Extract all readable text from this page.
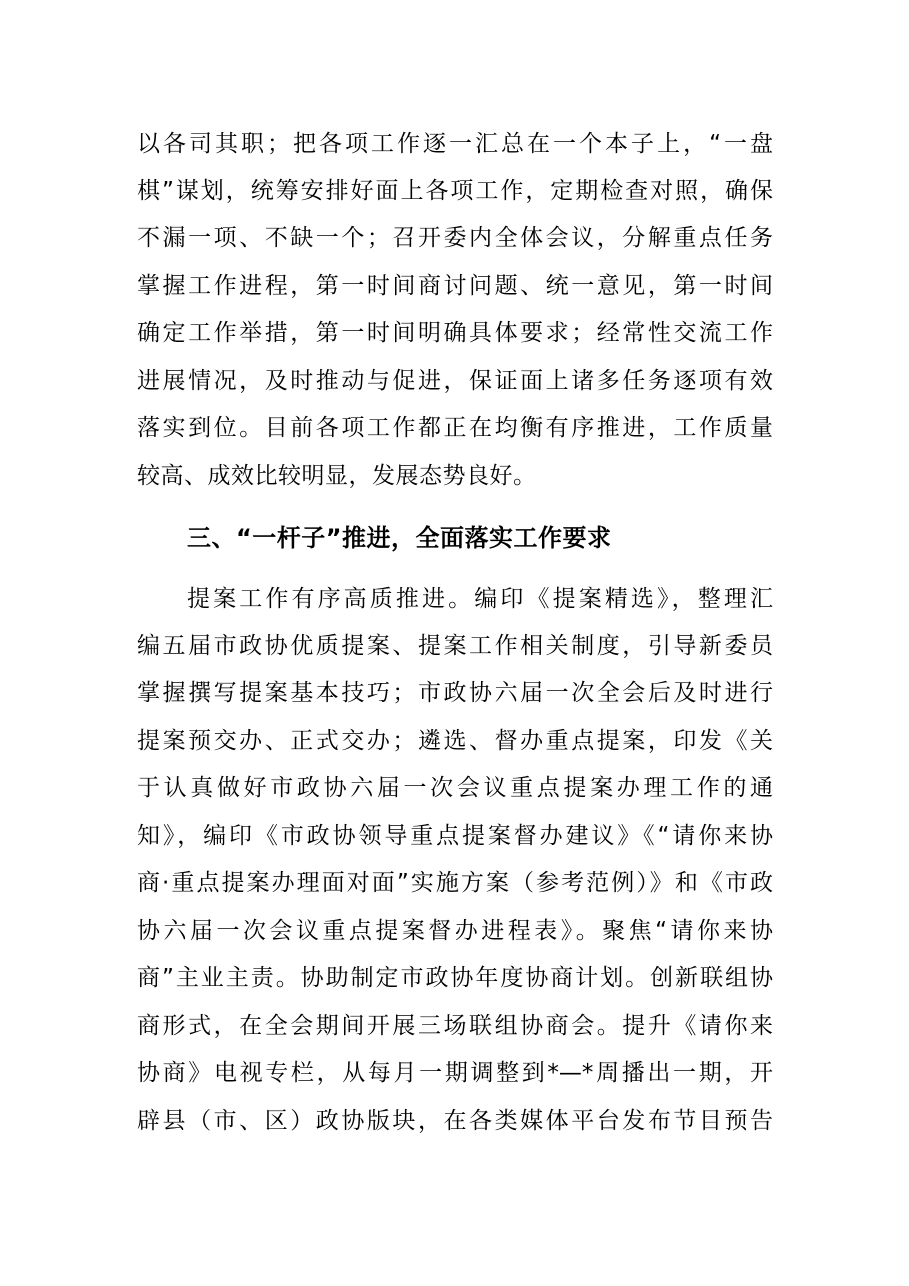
以各司其职；把各项工作逐一汇总在一个本子上，“一盘
棋”谋划，统筹安排好面上各项工作，定期检查对照，确保
不漏一项、不缺一个；召开委内全体会议，分解重点任务
掌握工作进程，第一时间商讨问题、统一意见，第一时间
确定工作举措，第一时间明确具体要求；经常性交流工作
进展情况，及时推动与促进，保证面上诸多任务逐项有效
落实到位。目前各项工作都正在均衡有序推进，工作质量
较高、成效比较明显，发展态势良好。
三、“一杆子”推进，全面落实工作要求
提案工作有序高质推进。编印《提案精选》，整理汇
编五届市政协优质提案、提案工作相关制度，引导新委员
掌握撰写提案基本技巧；市政协六届一次全会后及时进行
提案预交办、正式交办；遴选、督办重点提案，印发《关
于认真做好市政协六届一次会议重点提案办理工作的通
知》，编印《市政协领导重点提案督办建议》《“请你来协
商·重点提案办理面对面”实施方案（参考范例）》和《市政
协六届一次会议重点提案督办进程表》。聚焦“请你来协
商”主业主责。协助制定市政协年度协商计划。创新联组协
商形式，在全会期间开展三场联组协商会。提升《请你来
协商》电视专栏，从每月一期调整到*—*周播出一期，开
辟县（市、区）政协版块，在各类媒体平台发布节目预告
